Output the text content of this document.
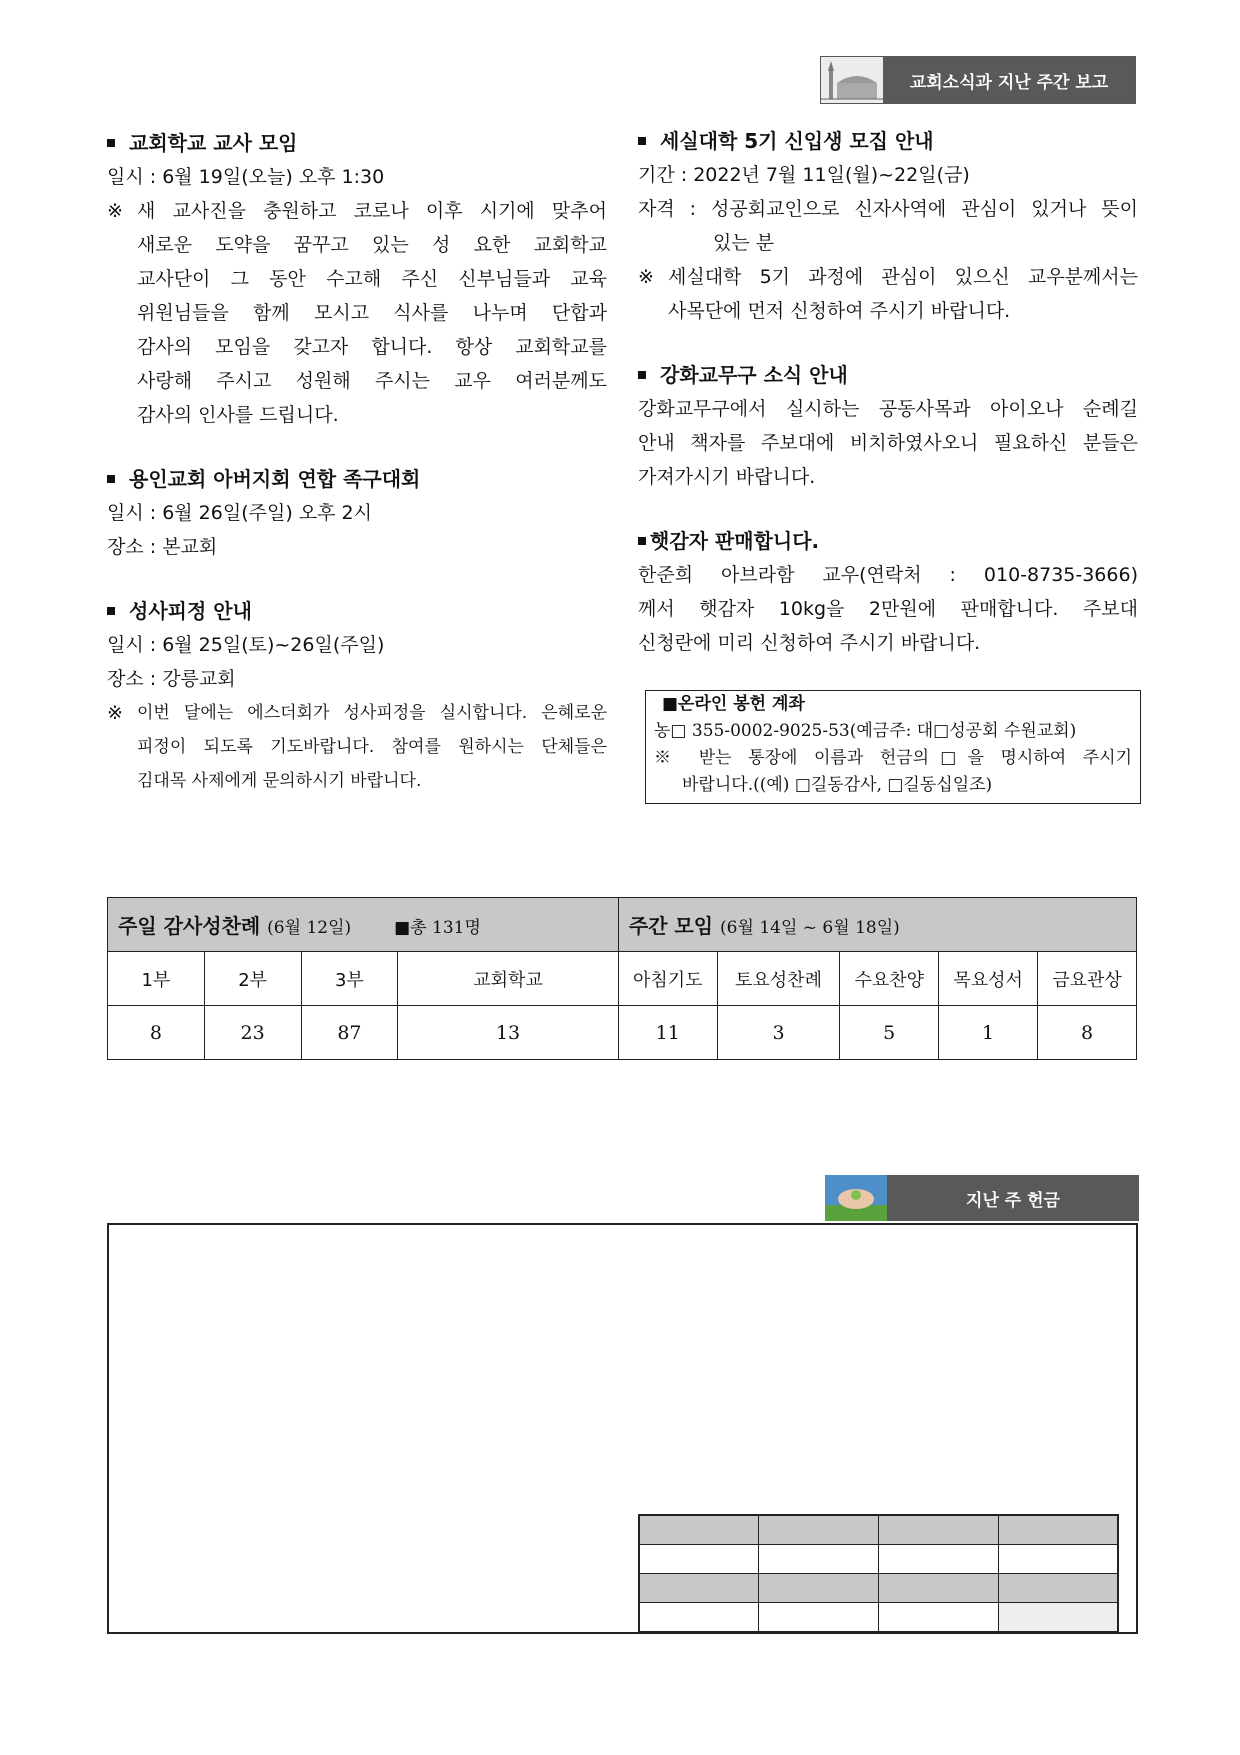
교회소식과 지난 주간 보고
교회학교 교사 모임
일시 : 6월 19일(오늘) 오후 1:30
※ 새 교사진을 충원하고 코로나 이후 시기에 맞추어
새로운 도약을 꿈꾸고 있는 성 요한 교회학교
교사단이 그 동안 수고해 주신 신부님들과 교육
위원님들을 함께 모시고 식사를 나누며 단합과
감사의 모임을 갖고자 합니다. 항상 교회학교를
사랑해 주시고 성원해 주시는 교우 여러분께도
감사의 인사를 드립니다.
용인교회 아버지회 연합 족구대회
일시 : 6월 26일(주일) 오후 2시
장소 : 본교회
성사피정 안내
일시 : 6월 25일(토)~26일(주일)
장소 : 강릉교회
※ 이번 달에는 에스더회가 성사피정을 실시합니다. 은혜로운
피정이 되도록 기도바랍니다. 참여를 원하시는 단체들은
김대목 사제에게 문의하시기 바랍니다.
세실대학 5기 신입생 모집 안내
기간 : 2022년 7월 11일(월)~22일(금)
자격 : 성공회교인으로 신자사역에 관심이 있거나 뜻이
있는 분
※ 세실대학 5기 과정에 관심이 있으신 교우분께서는
사목단에 먼저 신청하여 주시기 바랍니다.
강화교무구 소식 안내
강화교무구에서 실시하는 공동사목과 아이오나 순례길
안내 책자를 주보대에 비치하였사오니 필요하신 분들은
가져가시기 바랍니다.
햇감자 판매합니다.
한준희 아브라함 교우(연락처 : 010-8735-3666)
께서 햇감자 10kg을 2만원에 판매합니다. 주보대
신청란에 미리 신청하여 주시기 바랍니다.
■온라인 봉헌 계좌
농□ 355-0002-9025-53(예금주: 대□성공회 수원교회)
※ 받는 통장에 이름과 헌금의□을 명시하여 주시기
바랍니다.((예) □길동감사, □길동십일조)
주일 감사성찬례 (6월 12일) ■총 131명				주간 모임 (6월 14일 ~ 6월 18일)				
1부	2부	3부	교회학교	아침기도	토요성찬례	수요찬양	목요성서	금요관상
8	23	87	13	11	3	5	1	8
지난 주 헌금
